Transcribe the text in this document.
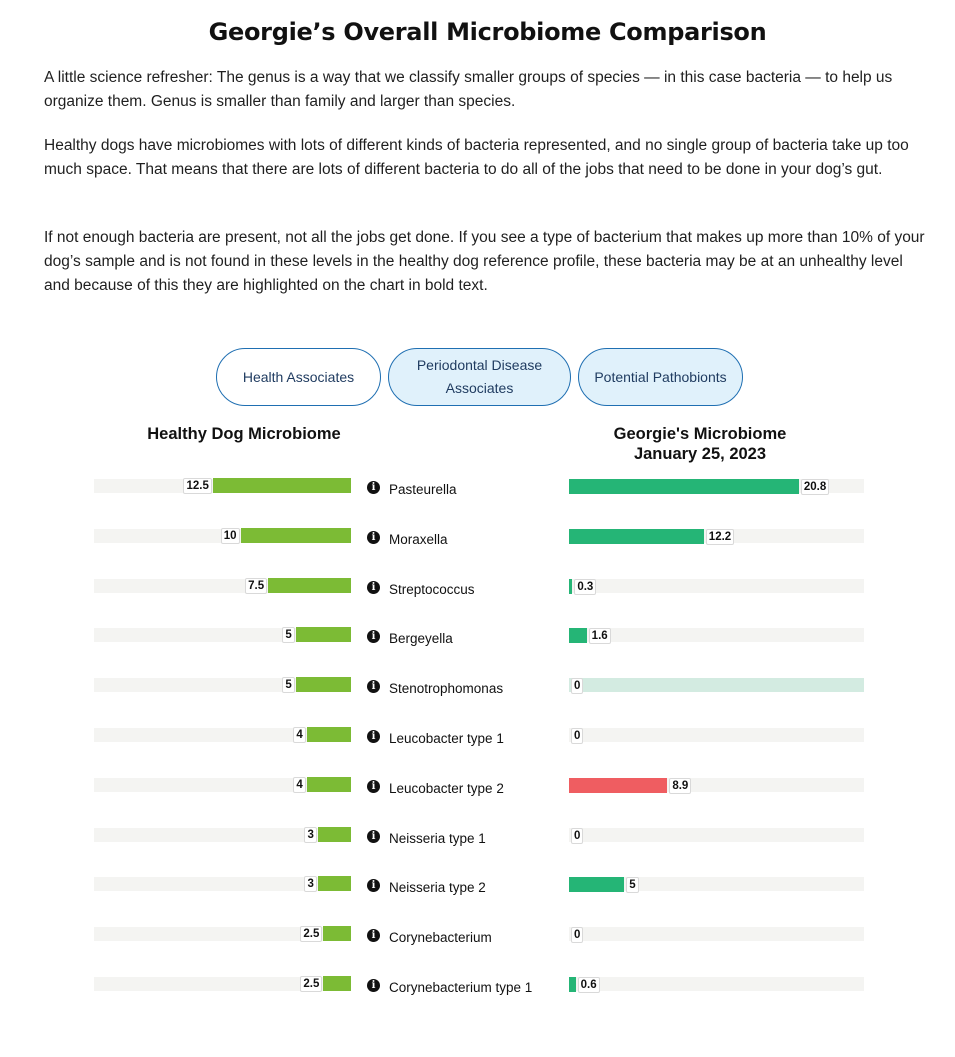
Georgie’s Overall Microbiome Comparison

A little science refresher: The genus is a way that we classify smaller groups of species — in this case bacteria — to help us organize them. Genus is smaller than family and larger than species.

Healthy dogs have microbiomes with lots of different kinds of bacteria represented, and no single group of bacteria take up too much space. That means that there are lots of different bacteria to do all of the jobs that need to be done in your dog’s gut.

If not enough bacteria are present, not all the jobs get done. If you see a type of bacterium that makes up more than 10% of your dog’s sample and is not found in these levels in the healthy dog reference profile, these bacteria may be at an unhealthy level and because of this they are highlighted on the chart in bold text.

Health Associates
Periodontal Disease Associates
Potential Pathobionts
Healthy Dog Microbiome	Georgie's Microbiome
January 25, 2023
12.5	i	Pasteurella	20.8
10	i	Moraxella	12.2
7.5	i	Streptococcus	0.3
5	i	Bergeyella	1.6
5	i	Stenotrophomonas	0
4	i	Leucobacter type 1	0
4	i	Leucobacter type 2	8.9
3	i	Neisseria type 1	0
3	i	Neisseria type 2	5
2.5	i	Corynebacterium	0
2.5	i	Corynebacterium type 1	0.6
